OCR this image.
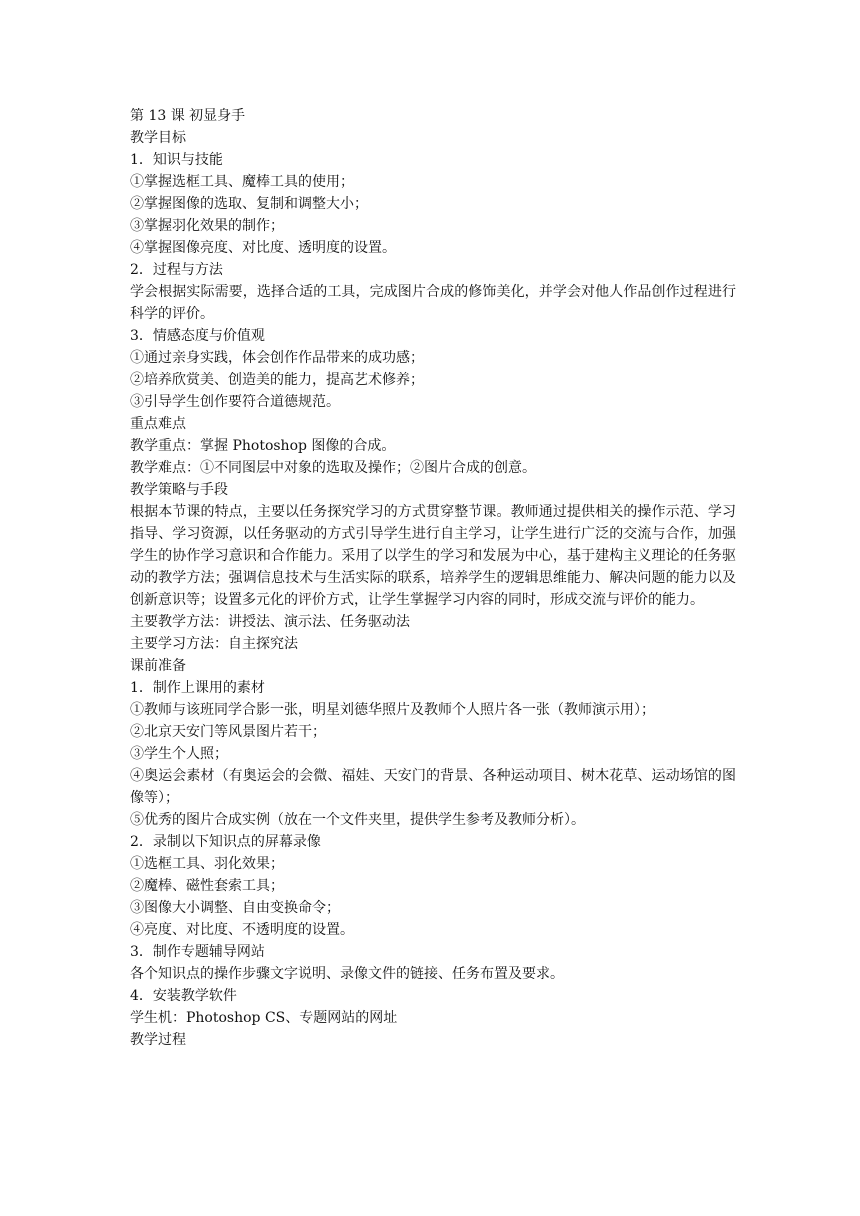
第 13 课 初显身手
教学目标
1．知识与技能
①掌握选框工具、魔棒工具的使用；
②掌握图像的选取、复制和调整大小；
③掌握羽化效果的制作；
④掌握图像亮度、对比度、透明度的设置。
2．过程与方法
学会根据实际需要，选择合适的工具，完成图片合成的修饰美化，并学会对他人作品创作过程进行科学的评价。
3．情感态度与价值观
①通过亲身实践，体会创作作品带来的成功感；
②培养欣赏美、创造美的能力，提高艺术修养；
③引导学生创作要符合道德规范。
重点难点
教学重点：掌握 Photoshop 图像的合成。
教学难点：①不同图层中对象的选取及操作；②图片合成的创意。
教学策略与手段
根据本节课的特点，主要以任务探究学习的方式贯穿整节课。教师通过提供相关的操作示范、学习指导、学习资源，以任务驱动的方式引导学生进行自主学习，让学生进行广泛的交流与合作，加强学生的协作学习意识和合作能力。采用了以学生的学习和发展为中心，基于建构主义理论的任务驱动的教学方法；强调信息技术与生活实际的联系，培养学生的逻辑思维能力、解决问题的能力以及创新意识等；设置多元化的评价方式，让学生掌握学习内容的同时，形成交流与评价的能力。
主要教学方法：讲授法、演示法、任务驱动法
主要学习方法：自主探究法
课前准备
1．制作上课用的素材
①教师与该班同学合影一张，明星刘德华照片及教师个人照片各一张（教师演示用）；
②北京天安门等风景图片若干；
③学生个人照；
④奥运会素材（有奥运会的会微、福娃、天安门的背景、各种运动项目、树木花草、运动场馆的图像等）；
⑤优秀的图片合成实例（放在一个文件夹里，提供学生参考及教师分析）。
2．录制以下知识点的屏幕录像
①选框工具、羽化效果；
②魔棒、磁性套索工具；
③图像大小调整、自由变换命令；
④亮度、对比度、不透明度的设置。
3．制作专题辅导网站
各个知识点的操作步骤文字说明、录像文件的链接、任务布置及要求。
4．安装教学软件
学生机：Photoshop CS、专题网站的网址
教学过程
